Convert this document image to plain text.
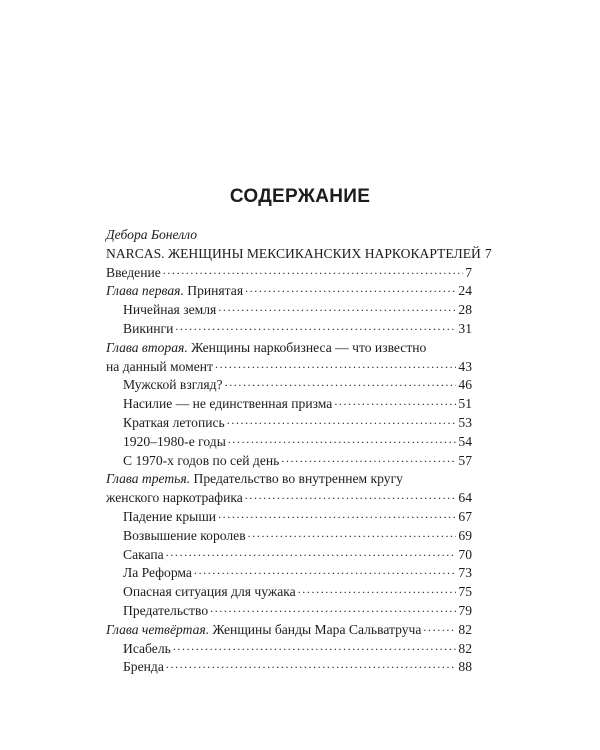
СОДЕРЖАНИЕ
Дебора Бонелло
NARCAS. ЖЕНЩИНЫ МЕКСИКАНСКИХ НАРКОКАРТЕЛЕЙ 7
Введение .....	7
Глава первая. Принятая .....	24
Ничейная земля .....	28
Викинги .....	31
Глава вторая. Женщины наркобизнеса — что известно
на данный момент .....	43
Мужской взгляд? .....	46
Насилие — не единственная призма .....	51
Краткая летопись .....	53
1920–1980-е годы .....	54
С 1970-х годов по сей день .....	57
Глава третья. Предательство во внутреннем кругу
женского наркотрафика .....	64
Падение крыши .....	67
Возвышение королев .....	69
Сакапа .....	70
Ла Реформа .....	73
Опасная ситуация для чужака .....	75
Предательство .....	79
Глава четвёртая. Женщины банды Мара Сальватруча .....	82
Исабель .....	82
Бренда .....	88
